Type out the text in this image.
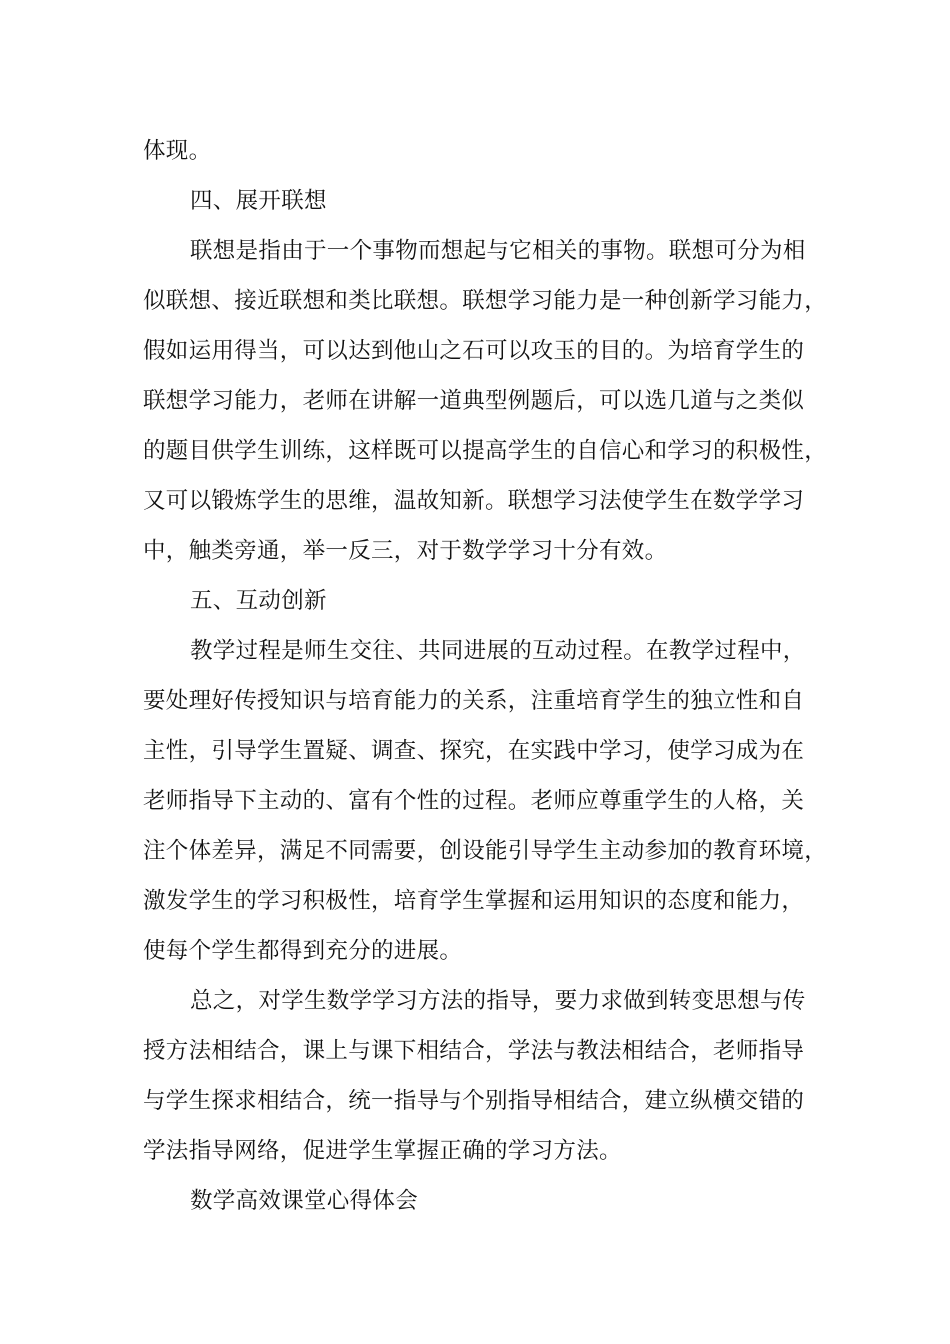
体现。
四、展开联想
联想是指由于一个事物而想起与它相关的事物。联想可分为相
似联想、接近联想和类比联想。联想学习能力是一种创新学习能力，
假如运用得当，可以达到他山之石可以攻玉的目的。为培育学生的
联想学习能力，老师在讲解一道典型例题后，可以选几道与之类似
的题目供学生训练，这样既可以提高学生的自信心和学习的积极性，
又可以锻炼学生的思维，温故知新。联想学习法使学生在数学学习
中，触类旁通，举一反三，对于数学学习十分有效。
五、互动创新
教学过程是师生交往、共同进展的互动过程。在教学过程中，
要处理好传授知识与培育能力的关系，注重培育学生的独立性和自
主性，引导学生置疑、调查、探究，在实践中学习，使学习成为在
老师指导下主动的、富有个性的过程。老师应尊重学生的人格，关
注个体差异，满足不同需要，创设能引导学生主动参加的教育环境，
激发学生的学习积极性，培育学生掌握和运用知识的态度和能力，
使每个学生都得到充分的进展。
总之，对学生数学学习方法的指导，要力求做到转变思想与传
授方法相结合，课上与课下相结合，学法与教法相结合，老师指导
与学生探求相结合，统一指导与个别指导相结合，建立纵横交错的
学法指导网络，促进学生掌握正确的学习方法。
数学高效课堂心得体会
